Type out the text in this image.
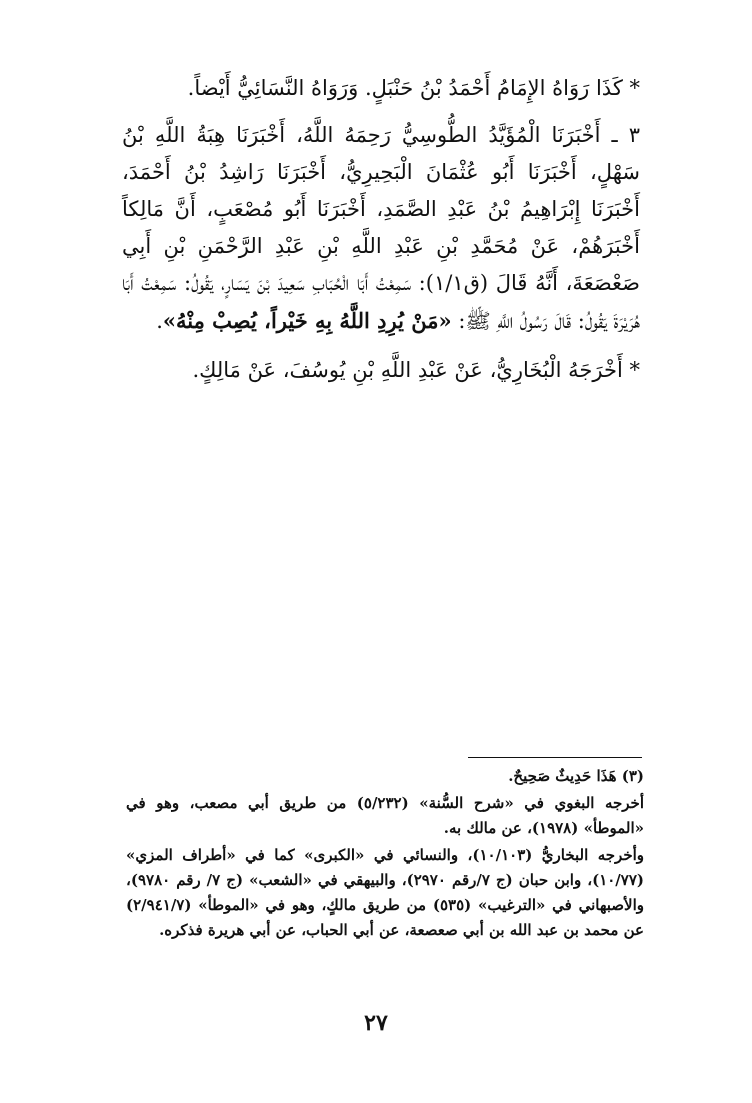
* كَذَا رَوَاهُ الإِمَامُ أَحْمَدُ بْنُ حَنْبَلٍ. وَرَوَاهُ النَّسَائِيُّ أَيْضاً.

٣ ـ أَخْبَرَنَا الْمُؤَيَّدُ الطُّوسِيُّ رَحِمَهُ اللَّهُ، أَخْبَرَنَا هِبَةُ اللَّهِ بْنُ سَهْلٍ، أَخْبَرَنَا أَبُو عُثْمَانَ الْبَحِيرِيُّ، أَخْبَرَنَا رَاشِدُ بْنُ أَحْمَدَ، أَخْبَرَنَا إِبْرَاهِيمُ بْنُ عَبْدِ الصَّمَدِ، أَخْبَرَنَا أَبُو مُصْعَبٍ، أَنَّ مَالِكاً أَخْبَرَهُمْ، عَنْ مُحَمَّدِ بْنِ عَبْدِ اللَّهِ بْنِ عَبْدِ الرَّحْمَنِ بْنِ أَبِي صَعْصَعَةَ، أَنَّهُ قَالَ (ق١/١): سَمِعْتُ أَبَا الْحُبَابِ سَعِيدَ بْنَ يَسَارٍ، يَقُولُ: سَمِعْتُ أَبَا هُرَيْرَةَ يَقُولُ: قَالَ رَسُولُ اللَّهِ ﷺ: «مَنْ يُرِدِ اللَّهُ بِهِ خَيْراً، يُصِبْ مِنْهُ».

* أَخْرَجَهُ الْبُخَارِيُّ، عَنْ عَبْدِ اللَّهِ بْنِ يُوسُفَ، عَنْ مَالِكٍ.

(٣) هَذَا حَدِيثٌ صَحِيحٌ.

أخرجه البغوي في «شرح السُّنة» (٥/٢٣٢) من طريق أبي مصعب، وهو في «الموطأ» (١٩٧٨)، عن مالك به.

وأخرجه البخاريُّ (١٠/١٠٣)، والنسائي في «الكبرى» كما في «أطراف المزي» (١٠/٧٧)، وابن حبان (ج ٧/رقم ٢٩٧٠)، والبيهقي في «الشعب» (ج ٧/ رقم ٩٧٨٠)، والأصبهاني في «الترغيب» (٥٣٥) من طريق مالكٍ، وهو في «الموطأ» (٢/٩٤١/٧) عن محمد بن عبد الله بن أبي صعصعة، عن أبي الحباب، عن أبي هريرة فذكره.

٢٧
